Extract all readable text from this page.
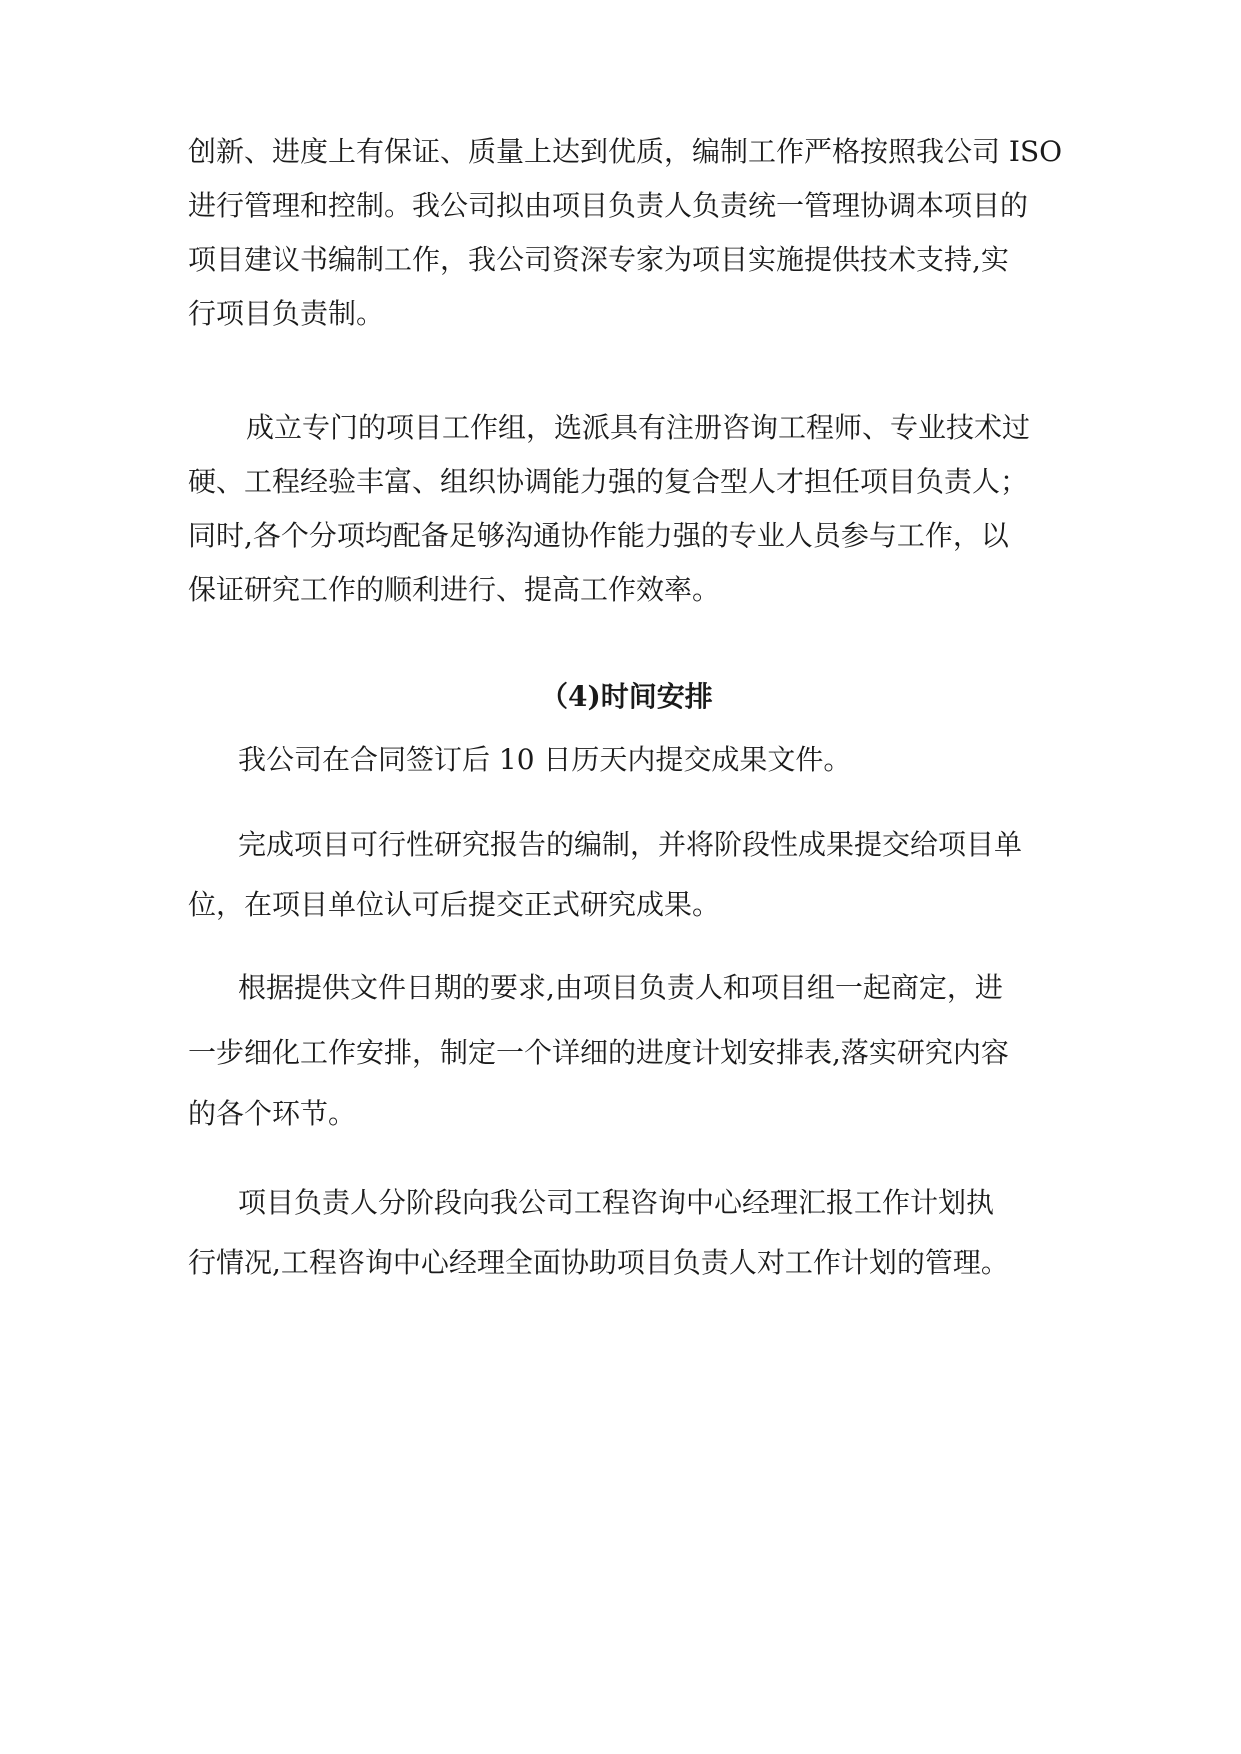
创新、进度上有保证、质量上达到优质，编制工作严格按照我公司 ISO
进行管理和控制。我公司拟由项目负责人负责统一管理协调本项目的
项目建议书编制工作，我公司资深专家为项目实施提供技术支持,实
行项目负责制。
成立专门的项目工作组，选派具有注册咨询工程师、专业技术过
硬、工程经验丰富、组织协调能力强的复合型人才担任项目负责人；
同时,各个分项均配备足够沟通协作能力强的专业人员参与工作，以
保证研究工作的顺利进行、提高工作效率。
（4)时间安排
我公司在合同签订后 10 日历天内提交成果文件。
完成项目可行性研究报告的编制，并将阶段性成果提交给项目单
位，在项目单位认可后提交正式研究成果。
根据提供文件日期的要求,由项目负责人和项目组一起商定，进
一步细化工作安排，制定一个详细的进度计划安排表,落实研究内容
的各个环节。
项目负责人分阶段向我公司工程咨询中心经理汇报工作计划执
行情况,工程咨询中心经理全面协助项目负责人对工作计划的管理。
